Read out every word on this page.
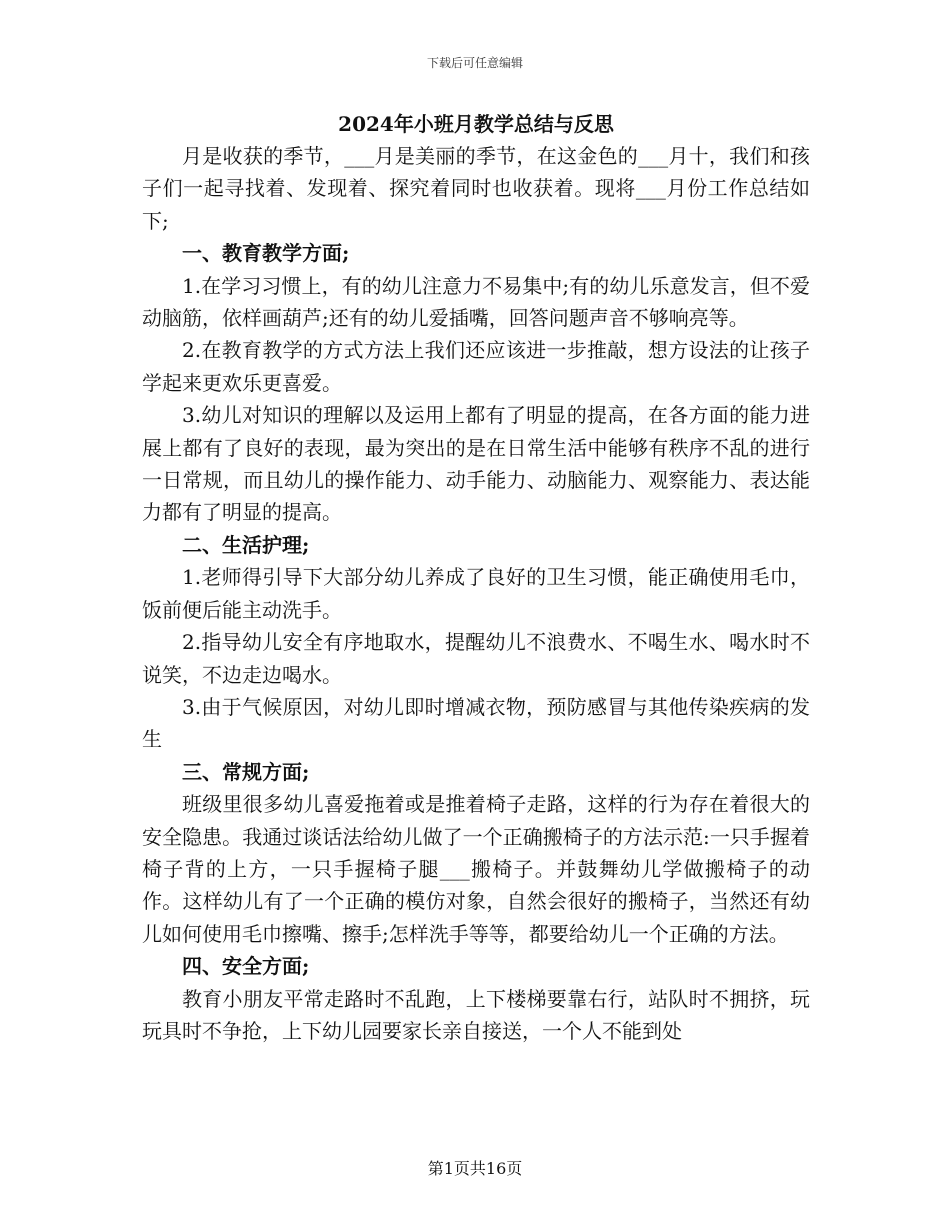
下载后可任意编辑
2024年小班月教学总结与反思

月是收获的季节，___月是美丽的季节，在这金色的___月十，我们和孩子们一起寻找着、发现着、探究着同时也收获着。现将___月份工作总结如下;

一、教育教学方面;

1.在学习习惯上，有的幼儿注意力不易集中;有的幼儿乐意发言，但不爱动脑筋，依样画葫芦;还有的幼儿爱插嘴，回答问题声音不够响亮等。

2.在教育教学的方式方法上我们还应该进一步推敲，想方设法的让孩子学起来更欢乐更喜爱。

3.幼儿对知识的理解以及运用上都有了明显的提高，在各方面的能力进展上都有了良好的表现，最为突出的是在日常生活中能够有秩序不乱的进行一日常规，而且幼儿的操作能力、动手能力、动脑能力、观察能力、表达能力都有了明显的提高。

二、生活护理;

1.老师得引导下大部分幼儿养成了良好的卫生习惯，能正确使用毛巾，饭前便后能主动洗手。

2.指导幼儿安全有序地取水，提醒幼儿不浪费水、不喝生水、喝水时不说笑，不边走边喝水。

3.由于气候原因，对幼儿即时增减衣物，预防感冒与其他传染疾病的发生

三、常规方面;

班级里很多幼儿喜爱拖着或是推着椅子走路，这样的行为存在着很大的安全隐患。我通过谈话法给幼儿做了一个正确搬椅子的方法示范:一只手握着椅子背的上方，一只手握椅子腿___搬椅子。并鼓舞幼儿学做搬椅子的动作。这样幼儿有了一个正确的模仿对象，自然会很好的搬椅子，当然还有幼儿如何使用毛巾擦嘴、擦手;怎样洗手等等，都要给幼儿一个正确的方法。

四、安全方面;

教育小朋友平常走路时不乱跑，上下楼梯要靠右行，站队时不拥挤，玩玩具时不争抢，上下幼儿园要家长亲自接送，一个人不能到处

第1页共16页
